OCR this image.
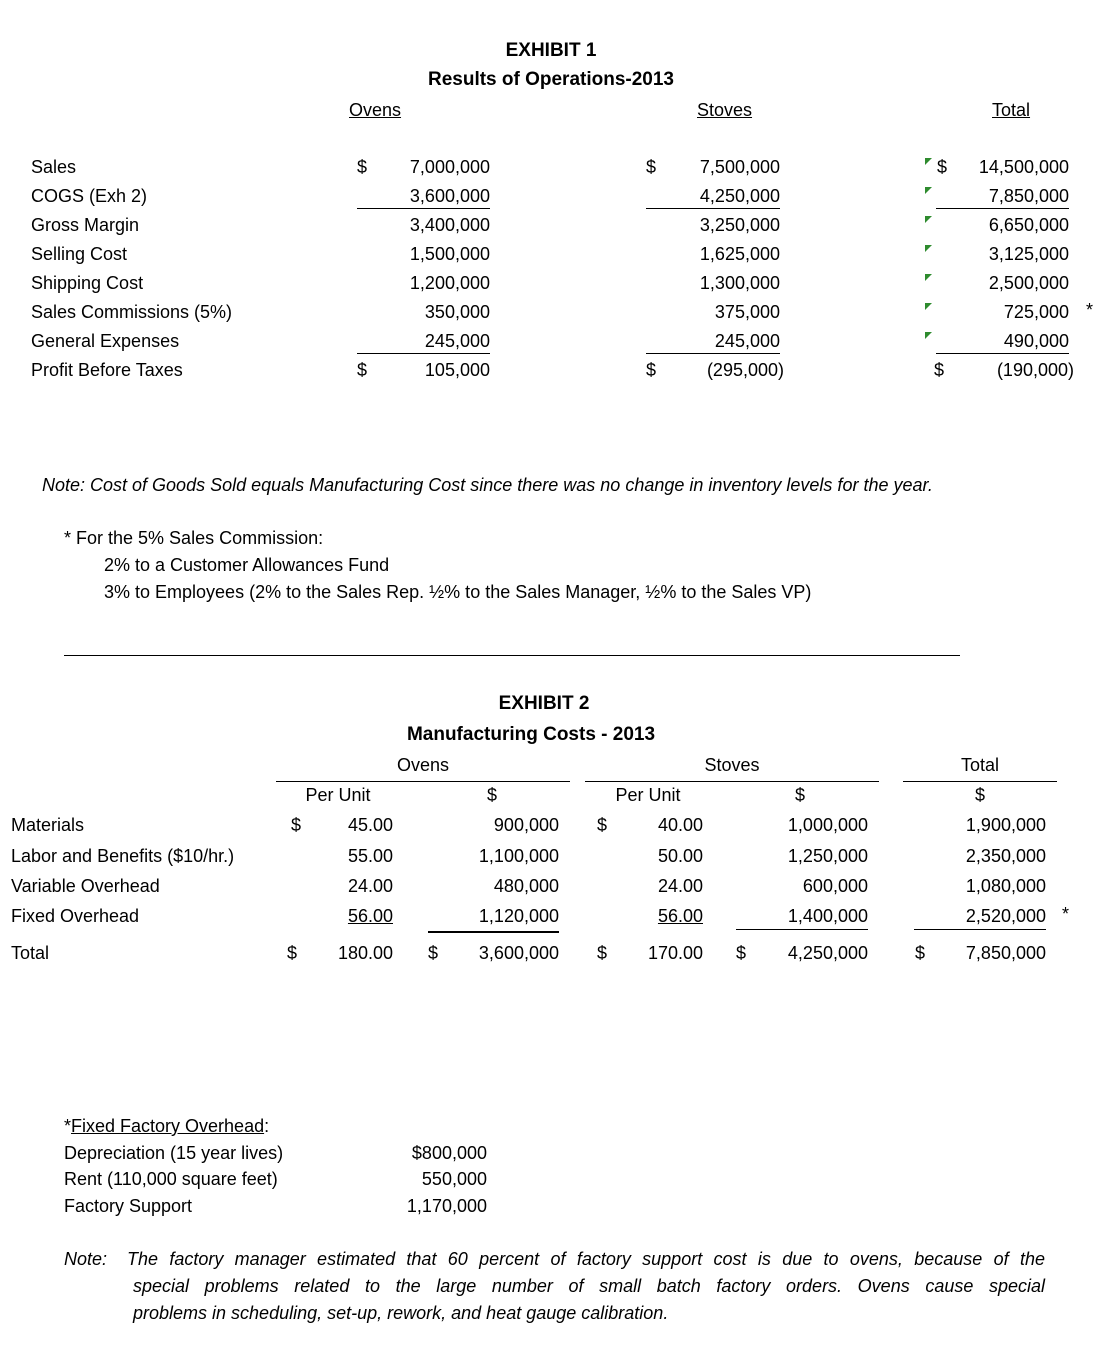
EXHIBIT 1
Results of Operations-2013
Ovens	Stoves	Total
Sales	7,000,000	7,500,000	14,500,000
$	$	$
COGS (Exh 2)	3,600,000	4,250,000	7,850,000
Gross Margin	3,400,000	3,250,000	6,650,000
Selling Cost	1,500,000	1,625,000	3,125,000
Shipping Cost	1,200,000	1,300,000	2,500,000
Sales Commissions (5%)	350,000	375,000	725,000 *
General Expenses	245,000	245,000	490,000
Profit Before Taxes	105,000	(295,000)	(190,000)
$	$	$
Note: Cost of Goods Sold equals Manufacturing Cost since there was no change in inventory levels for the year.
* For the 5% Sales Commission:
2% to a Customer Allowances Fund
3% to Employees (2% to the Sales Rep. ½% to the Sales Manager, ½% to the Sales VP)
EXHIBIT 2
Manufacturing Costs - 2013
Ovens	Stoves	Total
Per Unit	$	Per Unit	$	$
Materials	45.00	900,000	40.00	1,000,000	1,900,000
$	$
Labor and Benefits ($10/hr.)	55.00	1,100,000	50.00	1,250,000	2,350,000
Variable Overhead	24.00	480,000	24.00	600,000	1,080,000
Fixed Overhead	56.00	1,120,000	56.00	1,400,000	2,520,000 *
Total	180.00	3,600,000	170.00	4,250,000	7,850,000
$	$	$	$	$
*Fixed Factory Overhead:
Depreciation (15 year lives)	$800,000
Rent (110,000 square feet)	550,000
Factory Support	1,170,000
Note: The factory manager estimated that 60 percent of factory support cost is due to ovens, because of the
special problems related to the large number of small batch factory orders. Ovens cause special
problems in scheduling, set-up, rework, and heat gauge calibration.
